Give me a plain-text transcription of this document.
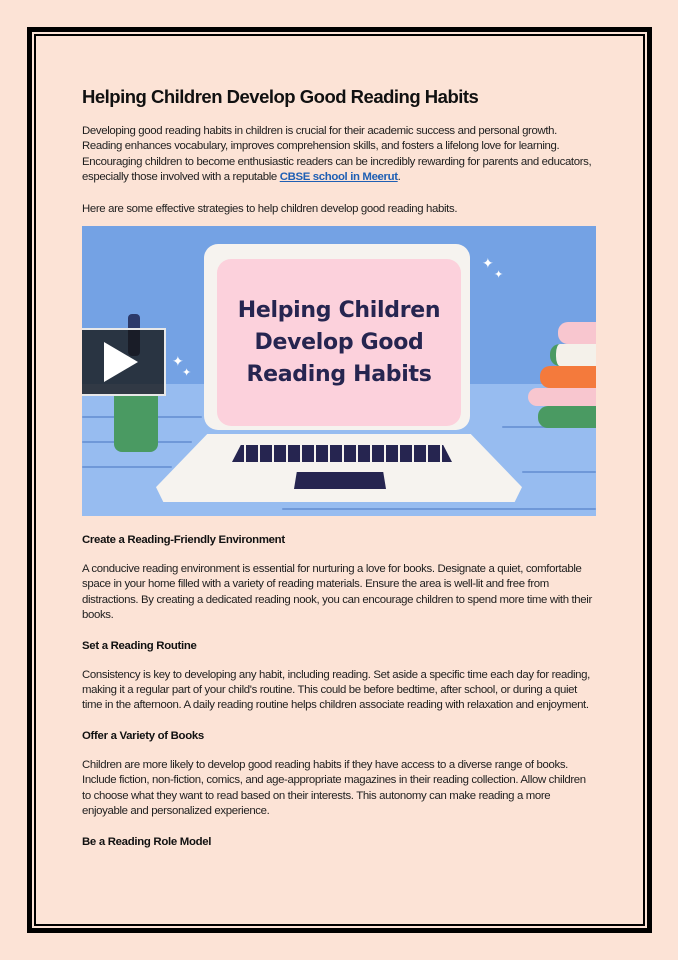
Helping Children Develop Good Reading Habits

Developing good reading habits in children is crucial for their academic success and personal growth. Reading enhances vocabulary, improves comprehension skills, and fosters a lifelong love for learning. Encouraging children to become enthusiastic readers can be incredibly rewarding for parents and educators, especially those involved with a reputable CBSE school in Meerut.

Here are some effective strategies to help children develop good reading habits.

✦
✦
✦
✦
Helping Children Develop Good Reading Habits
Create a Reading-Friendly Environment

A conducive reading environment is essential for nurturing a love for books. Designate a quiet, comfortable space in your home filled with a variety of reading materials. Ensure the area is well-lit and free from distractions. By creating a dedicated reading nook, you can encourage children to spend more time with their books.

Set a Reading Routine

Consistency is key to developing any habit, including reading. Set aside a specific time each day for reading, making it a regular part of your child's routine. This could be before bedtime, after school, or during a quiet time in the afternoon. A daily reading routine helps children associate reading with relaxation and enjoyment.

Offer a Variety of Books

Children are more likely to develop good reading habits if they have access to a diverse range of books. Include fiction, non-fiction, comics, and age-appropriate magazines in their reading collection. Allow children to choose what they want to read based on their interests. This autonomy can make reading a more enjoyable and personalized experience.

Be a Reading Role Model
